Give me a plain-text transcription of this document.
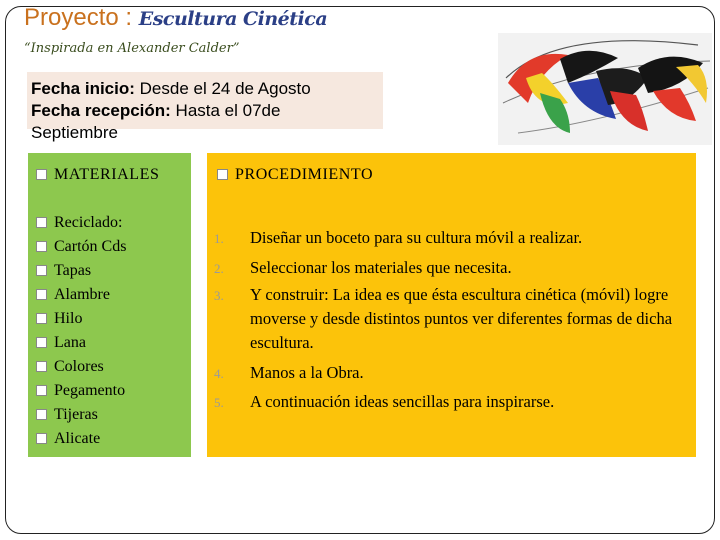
Proyecto : Escultura Cinética
“Inspirada en Alexander Calder”
Fecha inicio: Desde el 24 de Agosto
Fecha recepción: Hasta el 07de
Septiembre
MATERIALES	PROCEDIMIENTO
Reciclado:
Cartón Cds
Tapas
Alambre
Hilo
Lana
Colores
Pegamento
Tijeras
Alicate
1. Diseñar un boceto para su cultura móvil a realizar.
2. Seleccionar los materiales que necesita.
3. Y construir: La idea es que ésta escultura cinética (móvil) logre moverse y desde distintos puntos ver diferentes formas de dicha escultura.
4. Manos a la Obra.
5. A continuación ideas sencillas para inspirarse.
